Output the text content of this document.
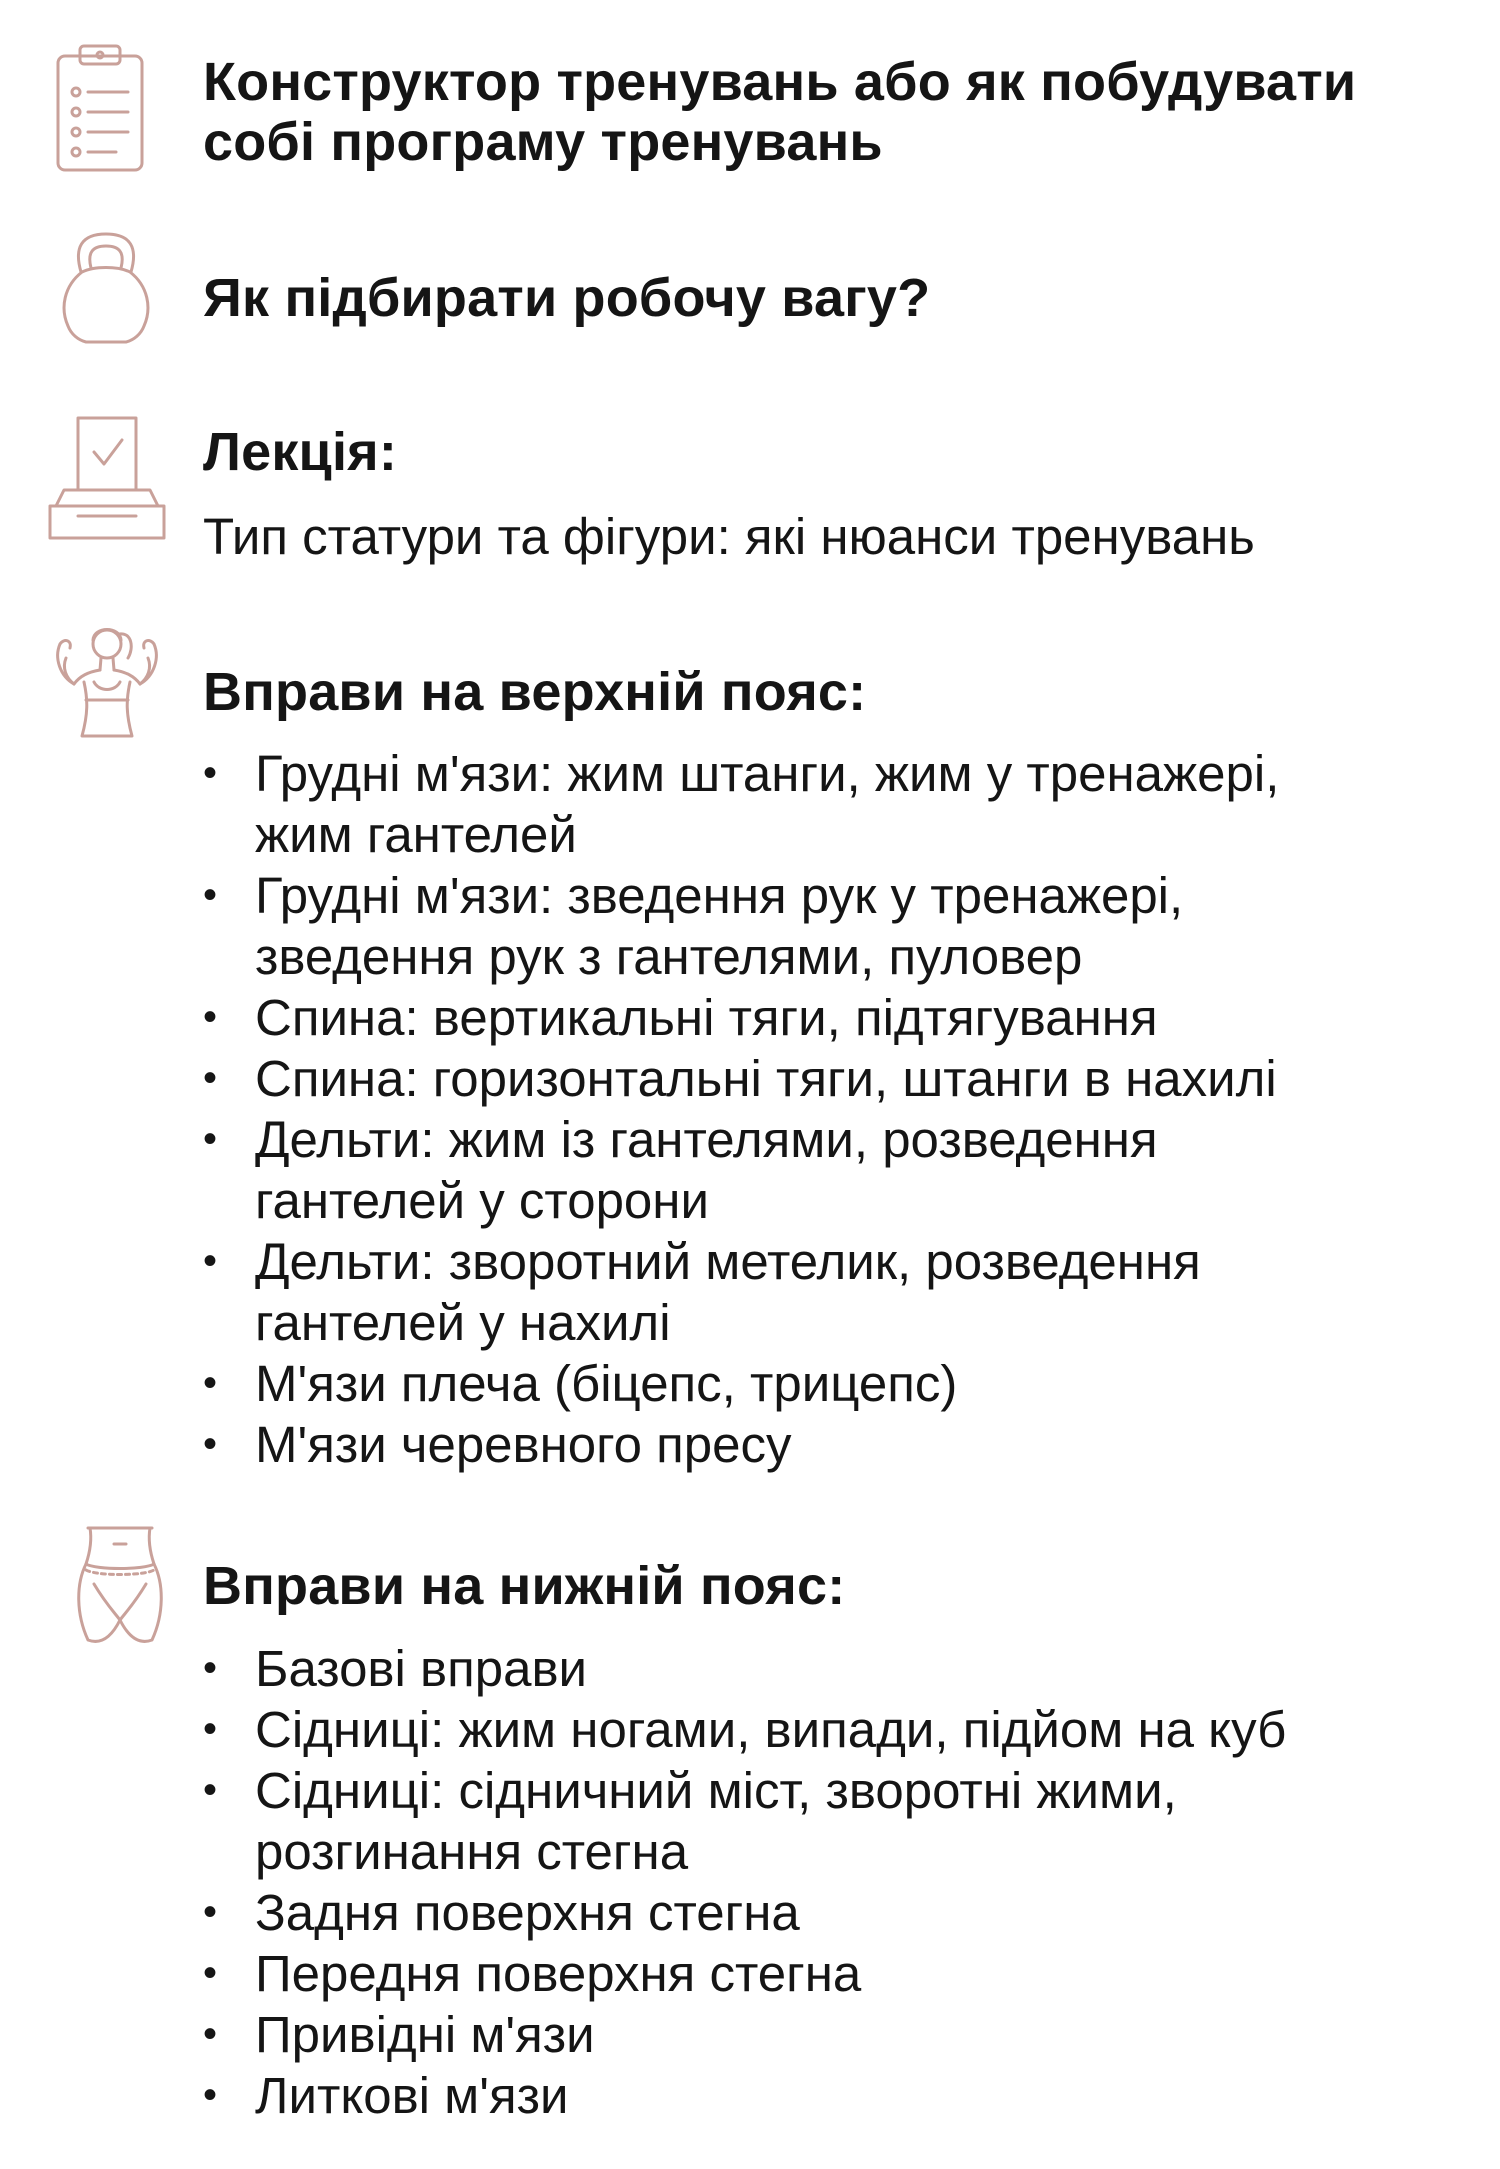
Конструктор тренувань або як побудувати
собі програму тренувань
Як підбирати робочу вагу?
Лекція:
Тип статури та фігури: які нюанси тренувань
Вправи на верхній пояс:
• Грудні м'язи: жим штанги, жим у тренажері,
жим гантелей
• Грудні м'язи: зведення рук у тренажері,
зведення рук з гантелями, пуловер
• Спина: вертикальні тяги, підтягування
• Спина: горизонтальні тяги, штанги в нахилі
• Дельти: жим із гантелями, розведення
гантелей у сторони
• Дельти: зворотний метелик, розведення
гантелей у нахилі
• М'язи плеча (біцепс, трицепс)
• М'язи черевного пресу
Вправи на нижній пояс:
• Базові вправи
• Сідниці: жим ногами, випади, підйом на куб
• Сідниці: сідничний міст, зворотні жими,
розгинання стегна
• Задня поверхня стегна
• Передня поверхня стегна
• Привідні м'язи
• Литкові м'язи
